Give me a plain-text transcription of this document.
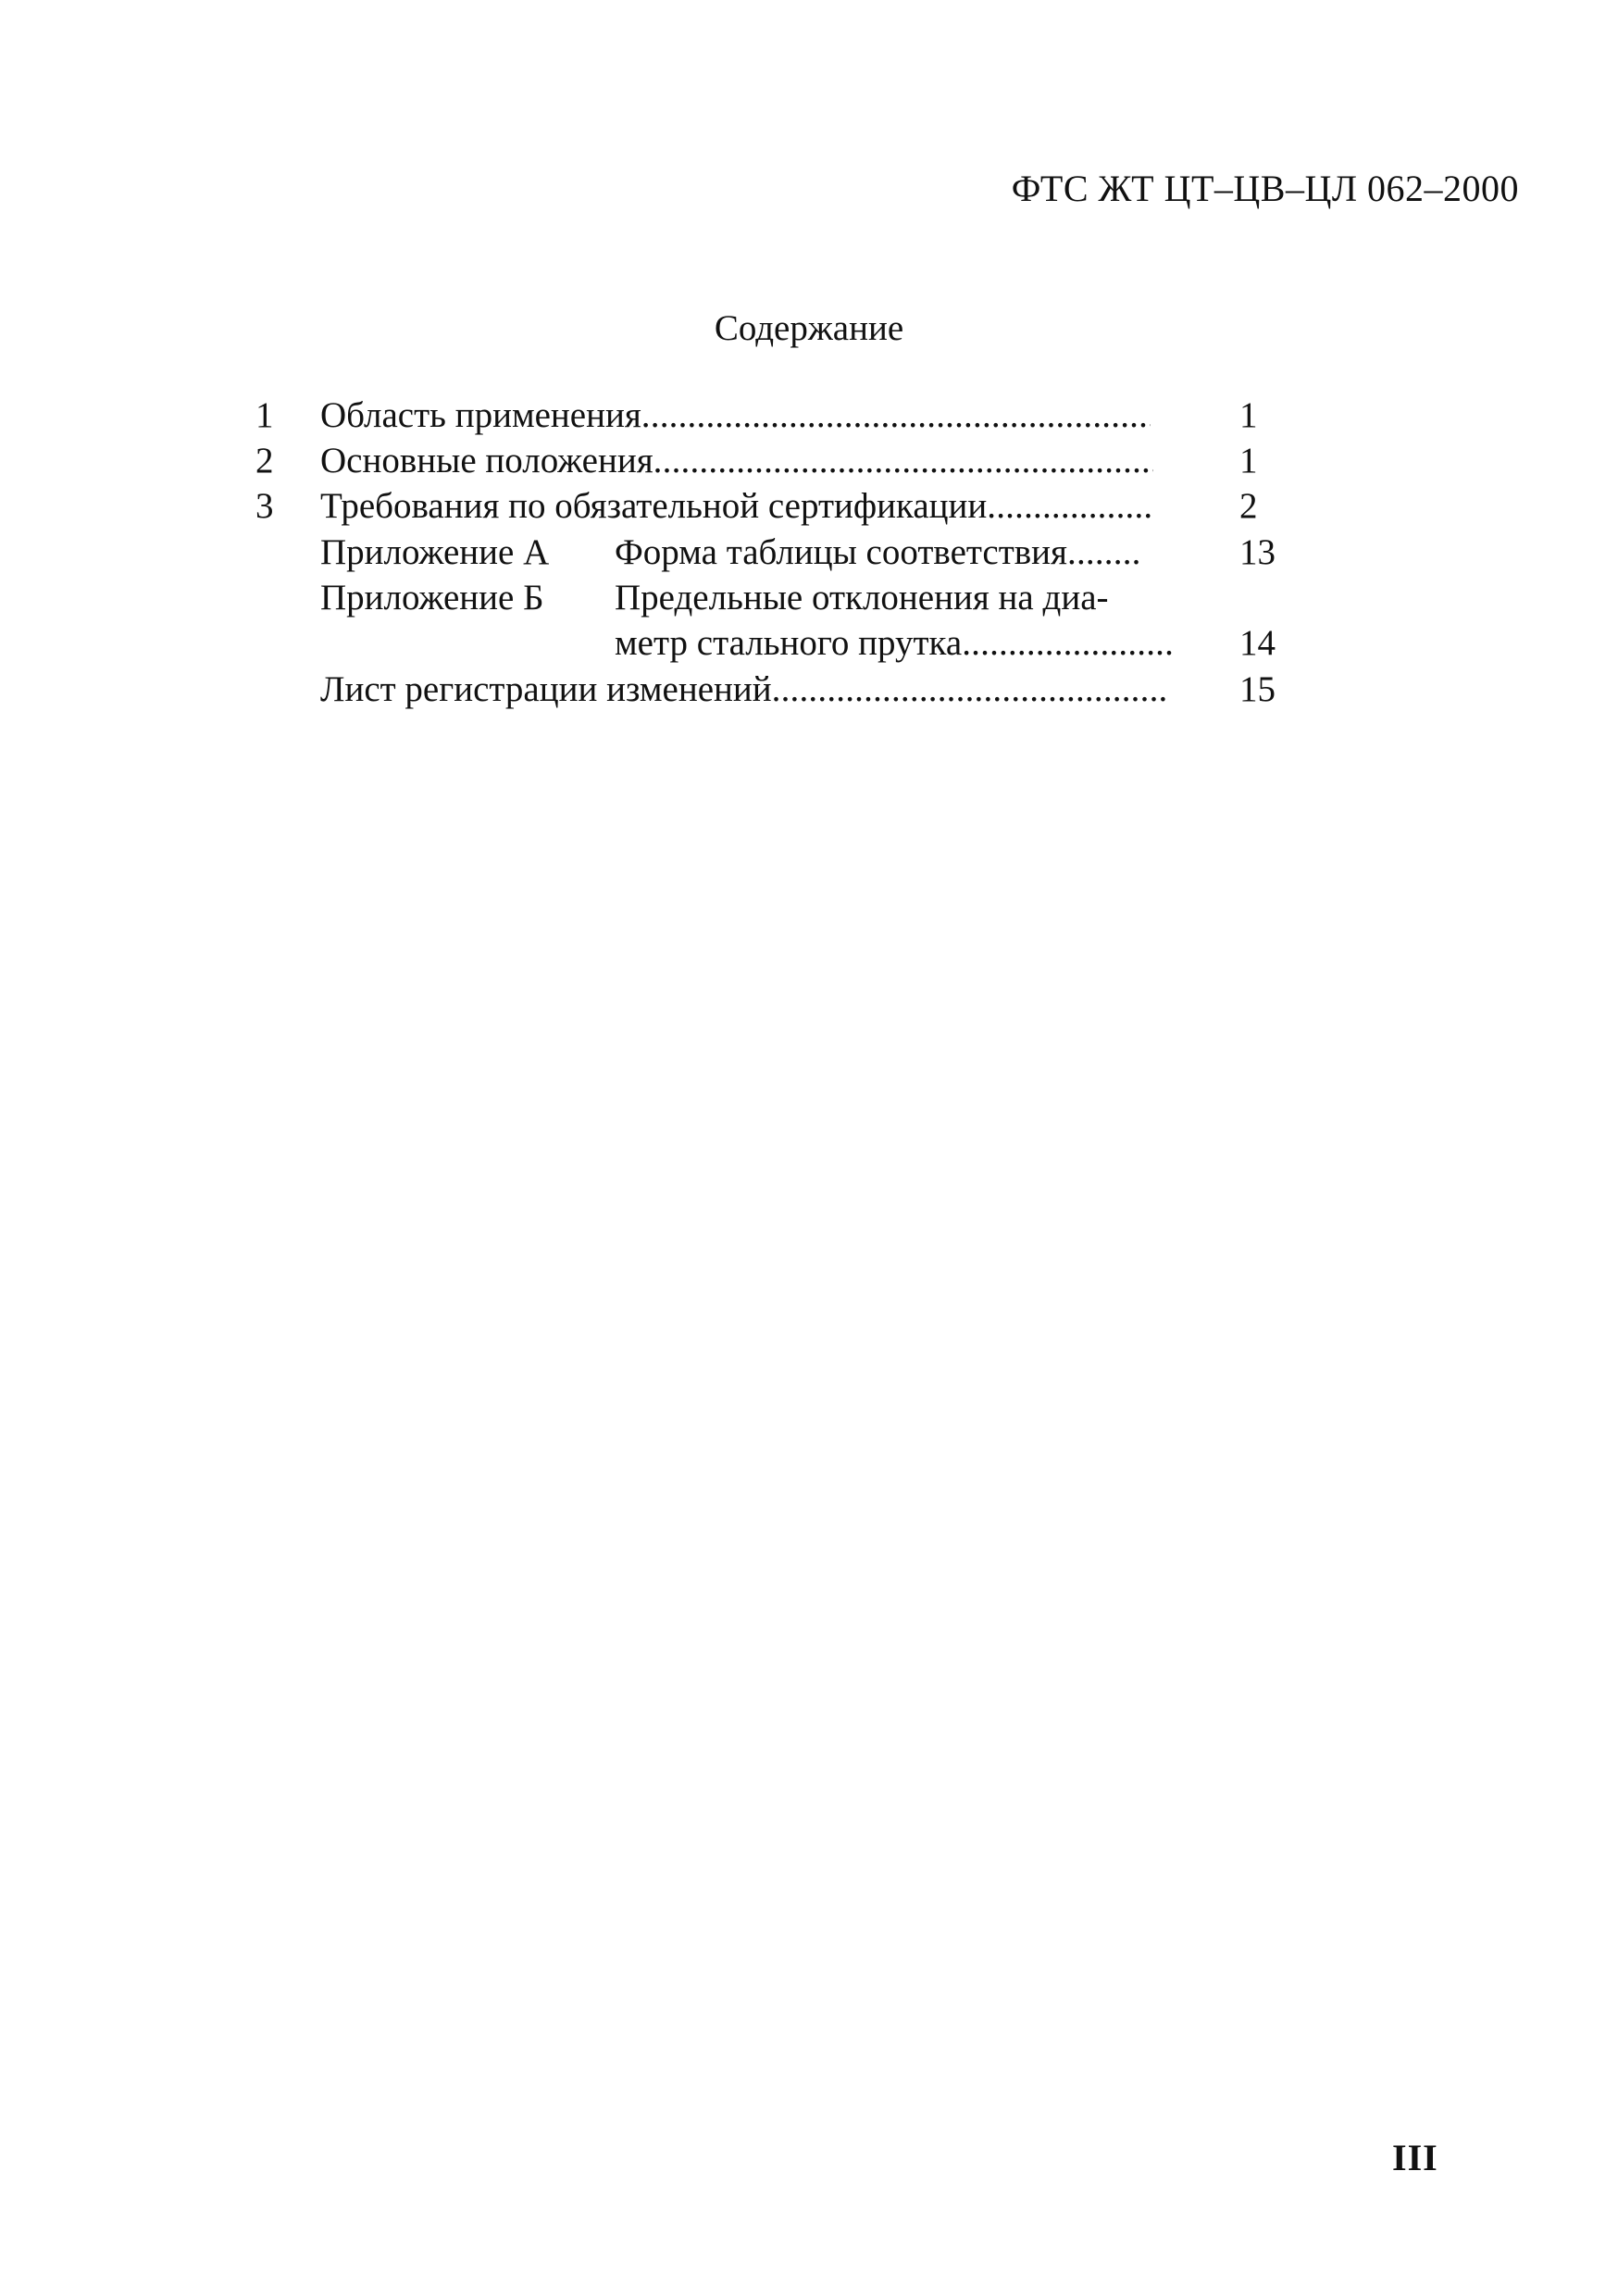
ФТС ЖТ ЦТ–ЦВ–ЦЛ 062–2000
Содержание
1	Область применения .....	1
2	Основные положения .....	1
3	Требования по обязательной сертификации .....	2
Приложение А Форма таблицы соответствия .....	13
Приложение Б Предельные отклонения на диа-
метр стального прутка .....	14
Лист регистрации изменений .....	15
III
